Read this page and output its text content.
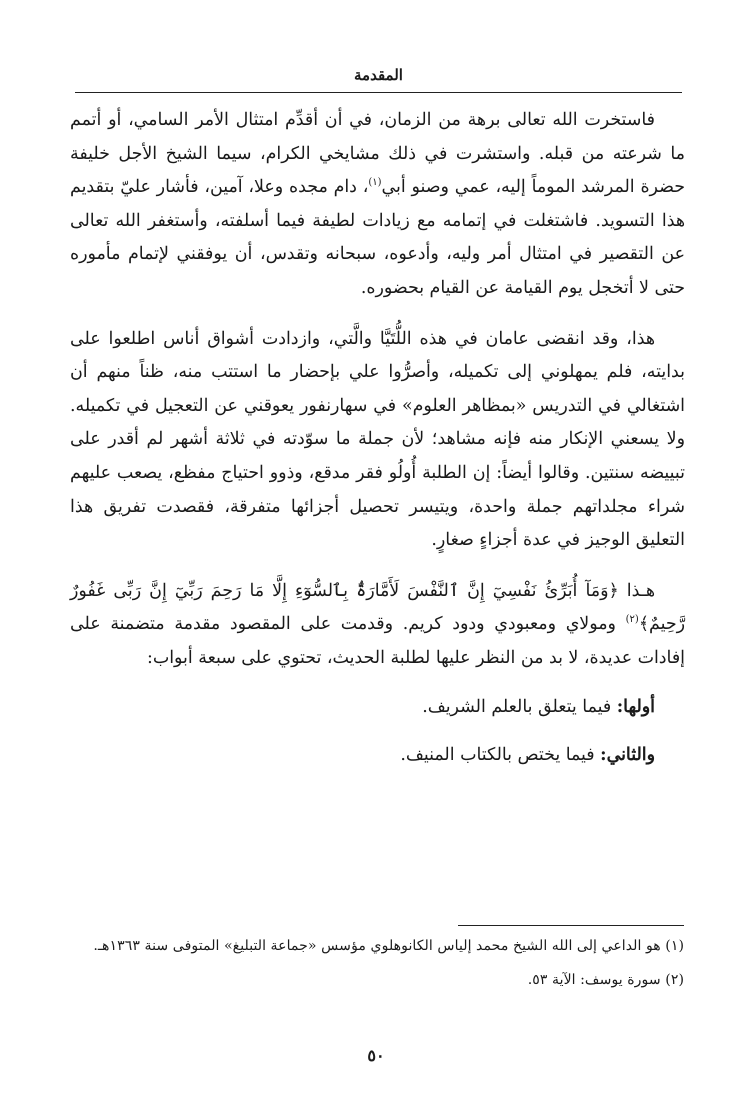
المقدمة

فاستخرت الله تعالى برهة من الزمان، في أن أقدِّم امتثال الأمر السامي، أو أتمم ما شرعته من قبله. واستشرت في ذلك مشايخي الكرام، سيما الشيخ الأجل خليفة حضرة المرشد الموماً إليه، عمي وصنو أبي$^{(١)}$، دام مجده وعلا، آمين، فأشار عليّ بتقديم هذا التسويد. فاشتغلت في إتمامه مع زيادات لطيفة فيما أسلفته، وأستغفر الله تعالى عن التقصير في امتثال أمر وليه، وأدعوه، سبحانه وتقدس، أن يوفقني لإتمام مأموره حتى لا أتخجل يوم القيامة عن القيام بحضوره.

هذا، وقد انقضى عامان في هذه اللُّتَيَّا والَّتي، وازدادت أشواق أناس اطلعوا على بدايته، فلم يمهلوني إلى تكميله، وأصرُّوا علي بإحضار ما استتب منه، ظناً منهم أن اشتغالي في التدريس «بمظاهر العلوم» في سهارنفور يعوقني عن التعجيل في تكميله. ولا يسعني الإنكار منه فإنه مشاهد؛ لأن جملة ما سوّدته في ثلاثة أشهر لم أقدر على تبييضه سنتين. وقالوا أيضاً: إن الطلبة أُولُو فقر مدقع، وذوو احتياج مفظع، يصعب عليهم شراء مجلداتهم جملة واحدة، ويتيسر تحصيل أجزائها متفرقة، فقصدت تفريق هذا التعليق الوجيز في عدة أجزاءٍ صغارٍ.

هـذا ﴿وَمَآ أُبَرِّئُ نَفْسِيٓ إِنَّ ٱلنَّفْسَ لَأَمَّارَةٌۢ بِٱلسُّوٓءِ إِلَّا مَا رَحِمَ رَبِّيٓ إِنَّ رَبِّى غَفُورٌ رَّحِيمٌ﴾$^{(٢)}$ ومولاي ومعبودي ودود كريم. وقدمت على المقصود مقدمة متضمنة على إفادات عديدة، لا بد من النظر عليها لطلبة الحديث، تحتوي على سبعة أبواب:

أولها: فيما يتعلق بالعلم الشريف.

والثاني: فيما يختص بالكتاب المنيف.

(١) هو الداعي إلى الله الشيخ محمد إلياس الكانوهلوي مؤسس «جماعة التبليغ» المتوفى سنة ١٣٦٣هـ.

(٢) سورة يوسف: الآية ٥٣.

٥٠
